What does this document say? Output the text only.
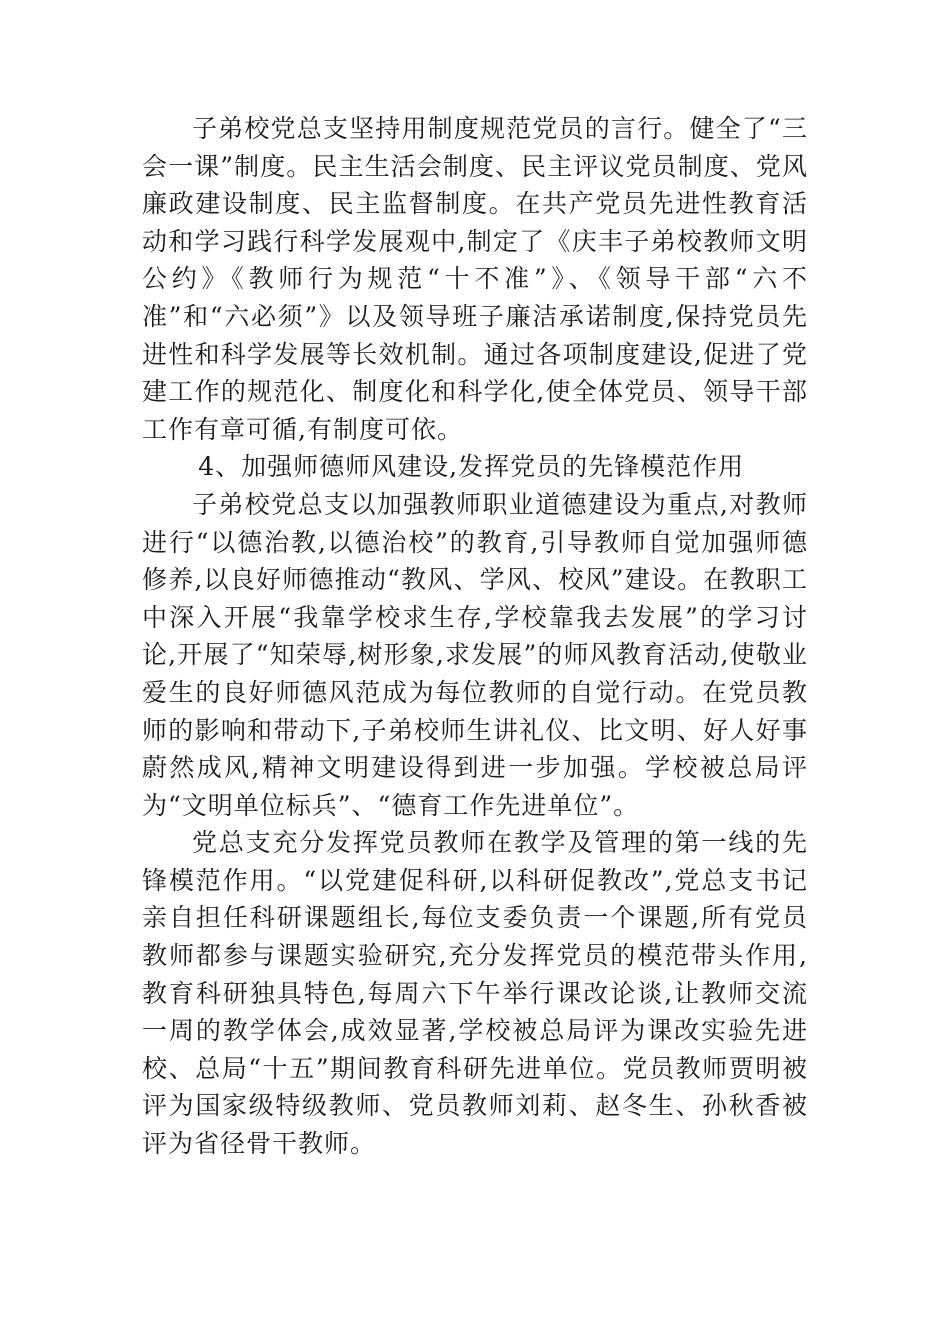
子弟校党总支坚持用制度规范党员的言行。健全了“三会一课”制度。民主生活会制度、民主评议党员制度、党风廉政建设制度、民主监督制度。在共产党员先进性教育活动和学习践行科学发展观中,制定了《庆丰子弟校教师文明公约》《教师行为规范“十不准”》、《领导干部“六不准”和“六必须”》以及领导班子廉洁承诺制度,保持党员先进性和科学发展等长效机制。通过各项制度建设,促进了党建工作的规范化、制度化和科学化,使全体党员、领导干部工作有章可循,有制度可依。

4、加强师德师风建设,发挥党员的先锋模范作用

子弟校党总支以加强教师职业道德建设为重点,对教师进行“以德治教,以德治校”的教育,引导教师自觉加强师德修养,以良好师德推动“教风、学风、校风”建设。在教职工中深入开展“我靠学校求生存,学校靠我去发展”的学习讨论,开展了“知荣辱,树形象,求发展”的师风教育活动,使敬业爱生的良好师德风范成为每位教师的自觉行动。在党员教师的影响和带动下,子弟校师生讲礼仪、比文明、好人好事蔚然成风,精神文明建设得到进一步加强。学校被总局评为“文明单位标兵”、“德育工作先进单位”。

党总支充分发挥党员教师在教学及管理的第一线的先锋模范作用。“以党建促科研,以科研促教改”,党总支书记亲自担任科研课题组长,每位支委负责一个课题,所有党员教师都参与课题实验研究,充分发挥党员的模范带头作用,教育科研独具特色,每周六下午举行课改论谈,让教师交流一周的教学体会,成效显著,学校被总局评为课改实验先进校、总局“十五”期间教育科研先进单位。党员教师贾明被评为国家级特级教师、党员教师刘莉、赵冬生、孙秋香被评为省径骨干教师。
